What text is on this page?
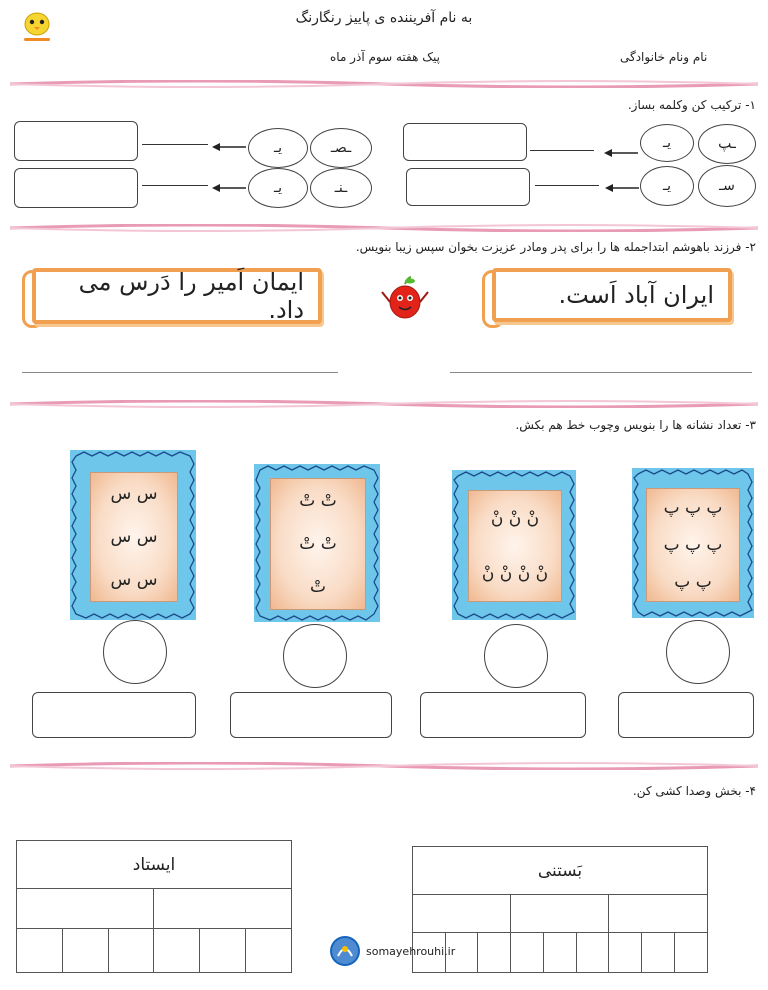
به نام آفریننده ی پاییز رنگارنگ
پیک هفته سوم آذر ماه	نام ونام خانوادگی
۱- ترکیب کن وکلمه بساز.
یـ	ـپ
یـ	سـ
یـ	ـصـ
یـ	ـنـ
۲- فرزند باهوشم ابتداجمله ها را برای پدر ومادر عزیزت بخوان سپس زیبا بنویس.
ایران آباد اَست.
ایمان اَمیر را دَرس می داد.
۳- تعداد نشانه ها را بنویس وچوب خط هم بکش.
پ پ پ
پ پ پ
پ پ
نْ نْ نْ
نْ نْ نْ نْ
تْ تْ
تْ تْ
تْ
س س
س س
س س
۴- بخش وصدا کشی کن.
بَستنی								

ایستاد					

somayehrouhi.ir
